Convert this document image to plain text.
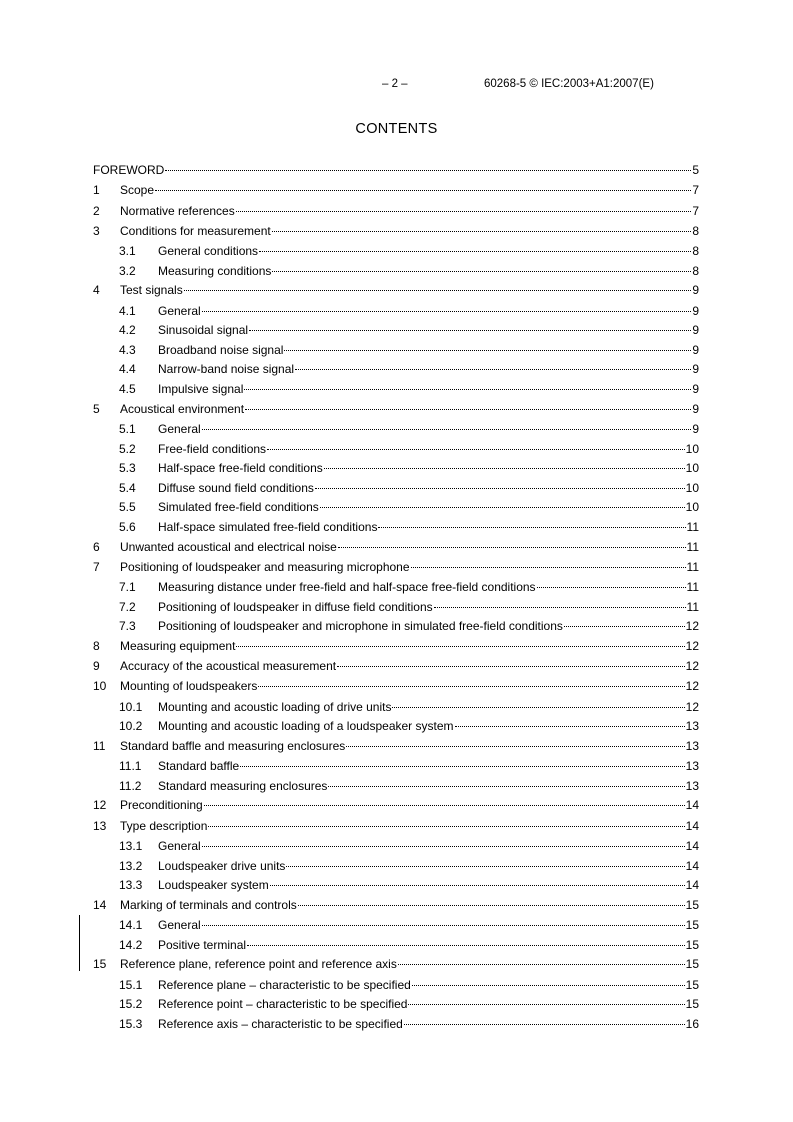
– 2 –	60268-5 © IEC:2003+A1:2007(E)
CONTENTS
FOREWORD	5
1	Scope	7
2	Normative references	7
3	Conditions for measurement	8
3.1	General conditions	8
3.2	Measuring conditions	8
4	Test signals	9
4.1	General	9
4.2	Sinusoidal signal	9
4.3	Broadband noise signal	9
4.4	Narrow-band noise signal	9
4.5	Impulsive signal	9
5	Acoustical environment	9
5.1	General	9
5.2	Free-field conditions	10
5.3	Half-space free-field conditions	10
5.4	Diffuse sound field conditions	10
5.5	Simulated free-field conditions	10
5.6	Half-space simulated free-field conditions	11
6	Unwanted acoustical and electrical noise	11
7	Positioning of loudspeaker and measuring microphone	11
7.1	Measuring distance under free-field and half-space free-field conditions	11
7.2	Positioning of loudspeaker in diffuse field conditions	11
7.3	Positioning of loudspeaker and microphone in simulated free-field conditions	12
8	Measuring equipment	12
9	Accuracy of the acoustical measurement	12
10	Mounting of loudspeakers	12
10.1	Mounting and acoustic loading of drive units	12
10.2	Mounting and acoustic loading of a loudspeaker system	13
11	Standard baffle and measuring enclosures	13
11.1	Standard baffle	13
11.2	Standard measuring enclosures	13
12	Preconditioning	14
13	Type description	14
13.1	General	14
13.2	Loudspeaker drive units	14
13.3	Loudspeaker system	14
14	Marking of terminals and controls	15
14.1	General	15
14.2	Positive terminal	15
15	Reference plane, reference point and reference axis	15
15.1	Reference plane – characteristic to be specified	15
15.2	Reference point – characteristic to be specified	15
15.3	Reference axis – characteristic to be specified	16
